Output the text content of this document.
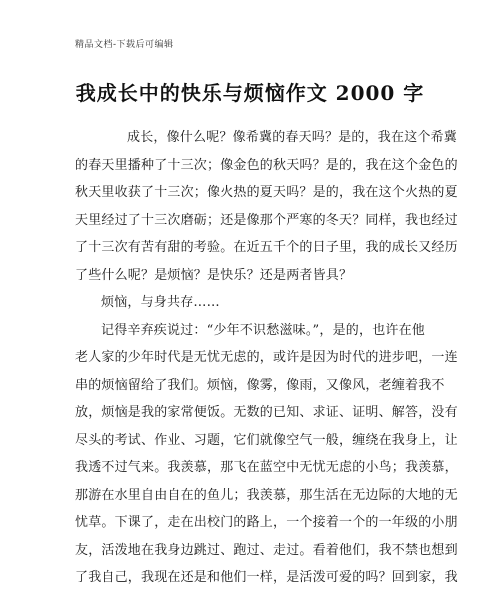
精品文档-下载后可编辑
我成长中的快乐与烦恼作文 2000 字
成长，像什么呢？像希冀的春天吗？是的，我在这个希冀
的春天里播种了十三次；像金色的秋天吗？是的，我在这个金色的
秋天里收获了十三次；像火热的夏天吗？是的，我在这个火热的夏
天里经过了十三次磨砺；还是像那个严寒的冬天？同样，我也经过
了十三次有苦有甜的考验。在近五千个的日子里，我的成长又经历
了些什么呢？是烦恼？是快乐？还是两者皆具？
烦恼，与身共存……
记得辛弃疾说过：“少年不识愁滋味。”，是的，也许在他
老人家的少年时代是无忧无虑的，或许是因为时代的进步吧，一连
串的烦恼留给了我们。烦恼，像雾，像雨，又像风，老缠着我不
放，烦恼是我的家常便饭。无数的已知、求证、证明、解答，没有
尽头的考试、作业、习题，它们就像空气一般，缠绕在我身上，让
我透不过气来。我羡慕，那飞在蓝空中无忧无虑的小鸟；我羡慕，
那游在水里自由自在的鱼儿；我羡慕，那生活在无边际的大地的无
忧草。下课了，走在出校门的路上，一个接着一个的一年级的小朋
友，活泼地在我身边跳过、跑过、走过。看着他们，我不禁也想到
了我自己，我现在还是和他们一样，是活泼可爱的吗？回到家，我
